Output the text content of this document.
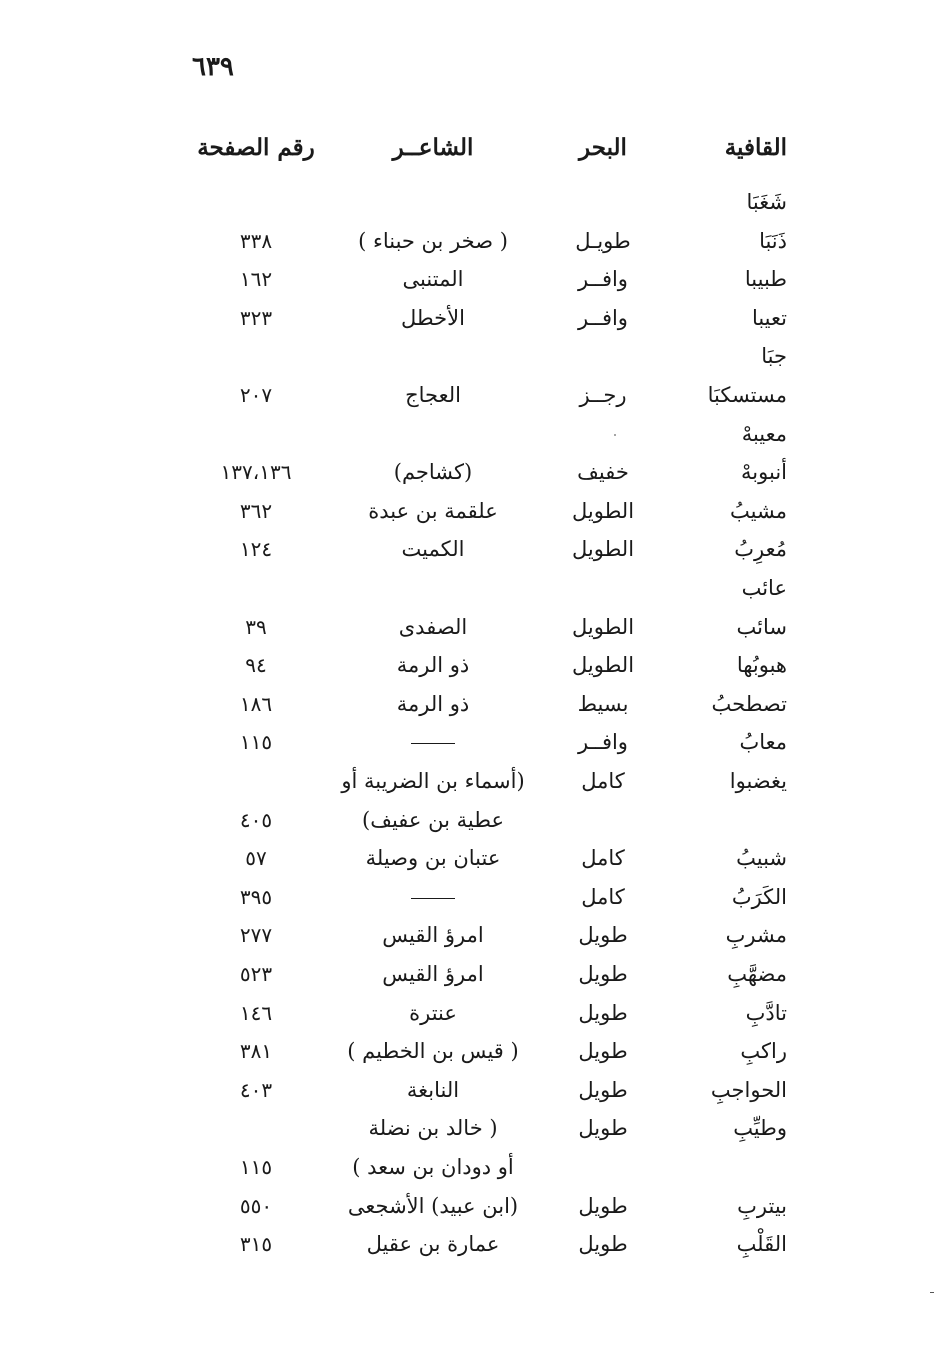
٦٣٩
القافية
البحر
الشاعــر
رقم الصفحة
شَغَبَا
ذَنَبَا
طويـل
( صخر بن حبناء )
٣٣٨
طبيبا
وافــر
المتنبى
١٦٢
تعيبا
وافــر
الأخطل
٣٢٣
جبَا
مستسكبَا
رجــز
العجاج
٢٠٧
معيبهْ
أنبوبهْ
خفيف
(كشاجم)
١٣٧،١٣٦
مشيبُ
الطويل
علقمة بن عبدة
٣٦٢
مُعرِبُ
الطويل
الكميت
١٢٤
عائب
سائب
الطويل
الصفدى
٣٩
هبوبُها
الطويل
ذو الرمة
٩٤
تصطحبُ
بسيط
ذو الرمة
١٨٦
معابُ
وافــر
١١٥
يغضبوا
كامل
(أسماء بن الضريبة أو
عطية بن عفيف)
٤٠٥
شبيبُ
كامل
عتبان بن وصيلة
٥٧
الكَرَبُ
كامل
٣٩٥
مشربِ
طويل
امرؤ القيس
٢٧٧
مضهَّبِ
طويل
امرؤ القيس
٥٢٣
تادَّبِ
طويل
عنترة
١٤٦
راكبِ
طويل
( قيس بن الخطيم )
٣٨١
الحواجبِ
طويل
النابغة
٤٠٣
وطيِّبِ
طويل
( خالد بن نضلة
أو دودان بن سعد )
١١٥
بيتربِ
طويل
(ابن عبيد) الأشجعى
٥٥٠
القَلْبِ
طويل
عمارة بن عقيل
٣١٥
